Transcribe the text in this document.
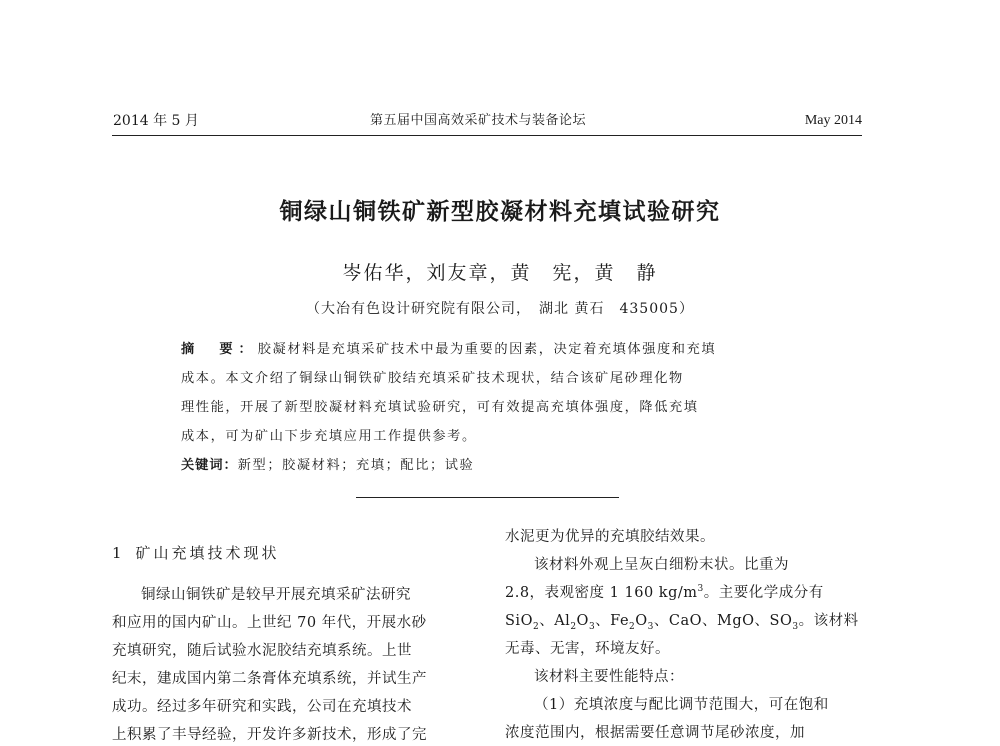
2014 年 5 月	第五届中国高效采矿技术与装备论坛	May 2014
铜绿山铜铁矿新型胶凝材料充填试验研究
岑佑华，刘友章，黄　宪，黄　静
（大冶有色设计研究院有限公司，　湖北 黄石　435005）
摘　要：胶凝材料是充填采矿技术中最为重要的因素，决定着充填体强度和充填
成本。本文介绍了铜绿山铜铁矿胶结充填采矿技术现状，结合该矿尾砂理化物
理性能，开展了新型胶凝材料充填试验研究，可有效提高充填体强度，降低充填
成本，可为矿山下步充填应用工作提供参考。
关键词：新型；胶凝材料；充填；配比；试验
1 矿山充填技术现状
铜绿山铜铁矿是较早开展充填采矿法研究
和应用的国内矿山。上世纪 70 年代，开展水砂
充填研究，随后试验水泥胶结充填系统。上世
纪末，建成国内第二条膏体充填系统，并试生产
成功。经过多年研究和实践，公司在充填技术
上积累了丰导经验，开发许多新技术，形成了完
水泥更为优异的充填胶结效果。
该材料外观上呈灰白细粉末状。比重为
2.8，表观密度 1 160 $kg/m^3$。主要化学成分有
SiO$_2$、$Al_2O_3$、$Fe_2O_3$、CaO、MgO、$SO_3$。该材料
无毒、无害，环境友好。
该材料主要性能特点：
（1）充填浓度与配比调节范围大，可在饱和
浓度范围内，根据需要任意调节尾砂浓度，加
